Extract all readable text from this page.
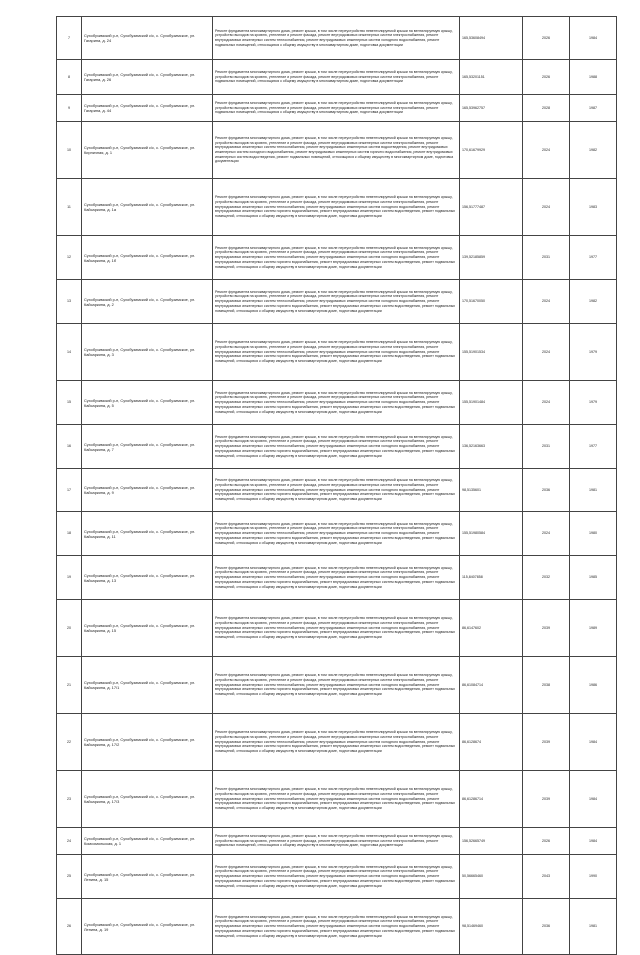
7	Сухобузимский р-н, Сухобузимский с/с, с. Сухобузимское, ул. Гагарина, д. 24	Ремонт фундамента многоквартирного дома, ремонт крыши, в том числе переустройство невентилируемой крыши на вентилируемую крышу, устройство выходов на кровлю, утепление и ремонт фасада, ремонт внутридомовых инженерных систем электроснабжения, ремонт внутридомовых инженерных систем теплоснабжения, ремонт внутридомовых инженерных систем холодного водоснабжения, ремонт подвальных помещений, относящихся к общему имуществу в многоквартирном доме, подготовка документации	165,53608494	2026	1984
8	Сухобузимский р-н, Сухобузимский с/с, с. Сухобузимское, ул. Гагарина, д. 26	Ремонт фундамента многоквартирного дома, ремонт крыши, в том числе переустройство невентилируемой крыши на вентилируемую крышу, устройство выходов на кровлю, утепление и ремонт фасада, ремонт внутридомовых инженерных систем электроснабжения, ремонт подвальных помещений, относящихся к общему имуществу в многоквартирном доме, подготовка документации	165,53201151	2026	1988
9	Сухобузимский р-н, Сухобузимский с/с, с. Сухобузимское, ул. Гагарина, д. 44	Ремонт фундамента многоквартирного дома, ремонт крыши, в том числе переустройство невентилируемой крыши на вентилируемую крышу, устройство выходов на кровлю, утепление и ремонт фасада, ремонт внутридомовых инженерных систем электроснабжения, ремонт подвальных помещений, относящихся к общему имуществу в многоквартирном доме, подготовка документации	165,53962757	2028	1987
10	Сухобузимский р-н, Сухобузимский с/с, с. Сухобузимское, ул. Кирпичная, д. 1	Ремонт фундамента многоквартирного дома, ремонт крыши, в том числе переустройство невентилируемой крыши на вентилируемую крышу, устройство выходов на кровлю, утепление и ремонт фасада, ремонт внутридомовых инженерных систем электроснабжения, ремонт внутридомовых инженерных систем теплоснабжения, ремонт внутридомовых инженерных систем водоотведения, ремонт внутридомовых инженерных систем холодного водоснабжения, ремонт внутридомовых инженерных систем горячего водоснабжения, ремонт внутридомовых инженерных систем водоотведения, ремонт подвальных помещений, относящихся к общему имуществу в многоквартирном доме, подготовка документации	170,61679929	2024	1982
11	Сухобузимский р-н, Сухобузимский с/с, с. Сухобузимское, ул. Кайсаркина, д. 1а	Ремонт фундамента многоквартирного дома, ремонт крыши, в том числе переустройство невентилируемой крыши на вентилируемую крышу, устройство выходов на кровлю, утепление и ремонт фасада, ремонт внутридомовых инженерных систем электроснабжения, ремонт внутридомовых инженерных систем теплоснабжения, ремонт внутридомовых инженерных систем холодного водоснабжения, ремонт внутридомовых инженерных систем горячего водоснабжения, ремонт внутридомовых инженерных систем водоотведения, ремонт подвальных помещений, относящихся к общему имуществу в многоквартирном доме, подготовка документации	156,51777487	2024	1983
12	Сухобузимский р-н, Сухобузимский с/с, с. Сухобузимское, ул. Кайсаркина, д. 1б	Ремонт фундамента многоквартирного дома, ремонт крыши, в том числе переустройство невентилируемой крыши на вентилируемую крышу, устройство выходов на кровлю, утепление и ремонт фасада, ремонт внутридомовых инженерных систем электроснабжения, ремонт внутридомовых инженерных систем теплоснабжения, ремонт внутридомовых инженерных систем холодного водоснабжения, ремонт внутридомовых инженерных систем горячего водоснабжения, ремонт внутридомовых инженерных систем водоотведения, ремонт подвальных помещений, относящихся к общему имуществу в многоквартирном доме, подготовка документации	139,52185859	2031	1977
13	Сухобузимский р-н, Сухобузимский с/с, с. Сухобузимское, ул. Кайсаркина, д. 2	Ремонт фундамента многоквартирного дома, ремонт крыши, в том числе переустройство невентилируемой крыши на вентилируемую крышу, устройство выходов на кровлю, утепление и ремонт фасада, ремонт внутридомовых инженерных систем электроснабжения, ремонт внутридомовых инженерных систем теплоснабжения, ремонт внутридомовых инженерных систем холодного водоснабжения, ремонт внутридомовых инженерных систем горячего водоснабжения, ремонт внутридомовых инженерных систем водоотведения, ремонт подвальных помещений, относящихся к общему имуществу в многоквартирном доме, подготовка документации	170,51670050	2024	1982
14	Сухобузимский р-н, Сухобузимский с/с, с. Сухобузимское, ул. Кайсаркина, д. 3	Ремонт фундамента многоквартирного дома, ремонт крыши, в том числе переустройство невентилируемой крыши на вентилируемую крышу, устройство выходов на кровлю, утепление и ремонт фасада, ремонт внутридомовых инженерных систем электроснабжения, ремонт внутридомовых инженерных систем теплоснабжения, ремонт внутридомовых инженерных систем холодного водоснабжения, ремонт внутридомовых инженерных систем горячего водоснабжения, ремонт внутридомовых инженерных систем водоотведения, ремонт подвальных помещений, относящихся к общему имуществу в многоквартирном доме, подготовка документации	155,51901534	2024	1979
15	Сухобузимский р-н, Сухобузимский с/с, с. Сухобузимское, ул. Кайсаркина, д. 5	Ремонт фундамента многоквартирного дома, ремонт крыши, в том числе переустройство невентилируемой крыши на вентилируемую крышу, устройство выходов на кровлю, утепление и ремонт фасада, ремонт внутридомовых инженерных систем электроснабжения, ремонт внутридомовых инженерных систем теплоснабжения, ремонт внутридомовых инженерных систем холодного водоснабжения, ремонт внутридомовых инженерных систем горячего водоснабжения, ремонт внутридомовых инженерных систем водоотведения, ремонт подвальных помещений, относящихся к общему имуществу в многоквартирном доме, подготовка документации	155,51901484	2024	1979
16	Сухобузимский р-н, Сухобузимский с/с, с. Сухобузимское, ул. Кайсаркина, д. 7	Ремонт фундамента многоквартирного дома, ремонт крыши, в том числе переустройство невентилируемой крыши на вентилируемую крышу, устройство выходов на кровлю, утепление и ремонт фасада, ремонт внутридомовых инженерных систем электроснабжения, ремонт внутридомовых инженерных систем теплоснабжения, ремонт внутридомовых инженерных систем холодного водоснабжения, ремонт внутридомовых инженерных систем горячего водоснабжения, ремонт внутридомовых инженерных систем водоотведения, ремонт подвальных помещений, относящихся к общему имуществу в многоквартирном доме, подготовка документации	136,52163663	2031	1977
17	Сухобузимский р-н, Сухобузимский с/с, с. Сухобузимское, ул. Кайсаркина, д. 9	Ремонт фундамента многоквартирного дома, ремонт крыши, в том числе переустройство невентилируемой крыши на вентилируемую крышу, устройство выходов на кровлю, утепление и ремонт фасада, ремонт внутридомовых инженерных систем электроснабжения, ремонт внутридомовых инженерных систем теплоснабжения, ремонт внутридомовых инженерных систем холодного водоснабжения, ремонт внутридомовых инженерных систем горячего водоснабжения, ремонт внутридомовых инженерных систем водоотведения, ремонт подвальных помещений, относящихся к общему имуществу в многоквартирном доме, подготовка документации	98,5135601	2036	1981
18	Сухобузимский р-н, Сухобузимский с/с, с. Сухобузимское, ул. Кайсаркина, д. 11	Ремонт фундамента многоквартирного дома, ремонт крыши, в том числе переустройство невентилируемой крыши на вентилируемую крышу, устройство выходов на кровлю, утепление и ремонт фасада, ремонт внутридомовых инженерных систем электроснабжения, ремонт внутридомовых инженерных систем теплоснабжения, ремонт внутридомовых инженерных систем холодного водоснабжения, ремонт внутридомовых инженерных систем горячего водоснабжения, ремонт внутридомовых инженерных систем водоотведения, ремонт подвальных помещений, относящихся к общему имуществу в многоквартирном доме, подготовка документации	155,51980584	2024	1980
19	Сухобузимский р-н, Сухобузимский с/с, с. Сухобузимское, ул. Кайсаркина, д. 13	Ремонт фундамента многоквартирного дома, ремонт крыши, в том числе переустройство невентилируемой крыши на вентилируемую крышу, устройство выходов на кровлю, утепление и ремонт фасада, ремонт внутридомовых инженерных систем электроснабжения, ремонт внутридомовых инженерных систем теплоснабжения, ремонт внутридомовых инженерных систем холодного водоснабжения, ремонт внутридомовых инженерных систем горячего водоснабжения, ремонт внутридомовых инженерных систем водоотведения, ремонт подвальных помещений, относящихся к общему имуществу в многоквартирном доме, подготовка документации	115,8407858	2032	1985
20	Сухобузимский р-н, Сухобузимский с/с, с. Сухобузимское, ул. Кайсаркина, д. 15	Ремонт фундамента многоквартирного дома, ремонт крыши, в том числе переустройство невентилируемой крыши на вентилируемую крышу, устройство выходов на кровлю, утепление и ремонт фасада, ремонт внутридомовых инженерных систем электроснабжения, ремонт внутридомовых инженерных систем теплоснабжения, ремонт внутридомовых инженерных систем холодного водоснабжения, ремонт внутридомовых инженерных систем горячего водоснабжения, ремонт внутридомовых инженерных систем водоотведения, ремонт подвальных помещений, относящихся к общему имуществу в многоквартирном доме, подготовка документации	86,6147602	2039	1989
21	Сухобузимский р-н, Сухобузимский с/с, с. Сухобузимское, ул. Кайсаркина, д. 17/1	Ремонт фундамента многоквартирного дома, ремонт крыши, в том числе переустройство невентилируемой крыши на вентилируемую крышу, устройство выходов на кровлю, утепление и ремонт фасада, ремонт внутридомовых инженерных систем электроснабжения, ремонт внутридомовых инженерных систем теплоснабжения, ремонт внутридомовых инженерных систем холодного водоснабжения, ремонт внутридомовых инженерных систем горячего водоснабжения, ремонт внутридомовых инженерных систем водоотведения, ремонт подвальных помещений, относящихся к общему имуществу в многоквартирном доме, подготовка документации	86,61084714	2038	1986
22	Сухобузимский р-н, Сухобузимский с/с, с. Сухобузимское, ул. Кайсаркина, д. 17/2	Ремонт фундамента многоквартирного дома, ремонт крыши, в том числе переустройство невентилируемой крыши на вентилируемую крышу, устройство выходов на кровлю, утепление и ремонт фасада, ремонт внутридомовых инженерных систем электроснабжения, ремонт внутридомовых инженерных систем теплоснабжения, ремонт внутридомовых инженерных систем холодного водоснабжения, ремонт внутридомовых инженерных систем горячего водоснабжения, ремонт внутридомовых инженерных систем водоотведения, ремонт подвальных помещений, относящихся к общему имуществу в многоквартирном доме, подготовка документации	86,6128674	2039	1984
23	Сухобузимский р-н, Сухобузимский с/с, с. Сухобузимское, ул. Кайсаркина, д. 17/3	Ремонт фундамента многоквартирного дома, ремонт крыши, в том числе переустройство невентилируемой крыши на вентилируемую крышу, устройство выходов на кровлю, утепление и ремонт фасада, ремонт внутридомовых инженерных систем электроснабжения, ремонт внутридомовых инженерных систем теплоснабжения, ремонт внутридомовых инженерных систем холодного водоснабжения, ремонт внутридомовых инженерных систем горячего водоснабжения, ремонт внутридомовых инженерных систем водоотведения, ремонт подвальных помещений, относящихся к общему имуществу в многоквартирном доме, подготовка документации	86,61286714	2039	1984
24	Сухобузимский р-н, Сухобузимский с/с, с. Сухобузимское, ул. Комсомольская, д. 1	Ремонт фундамента многоквартирного дома, ремонт крыши, в том числе переустройство невентилируемой крыши на вентилируемую крышу, устройство выходов на кровлю, утепление и ремонт фасада, ремонт внутридомовых инженерных систем электроснабжения, ремонт подвальных помещений, относящихся к общему имуществу в многоквартирном доме, подготовка документации	156,52665749	2026	1984
25	Сухобузимский р-н, Сухобузимский с/с, с. Сухобузимское, ул. Ленина, д. 15	Ремонт фундамента многоквартирного дома, ремонт крыши, в том числе переустройство невентилируемой крыши на вентилируемую крышу, устройство выходов на кровлю, утепление и ремонт фасада, ремонт внутридомовых инженерных систем электроснабжения, ремонт внутридомовых инженерных систем теплоснабжения, ремонт внутридомовых инженерных систем холодного водоснабжения, ремонт внутридомовых инженерных систем горячего водоснабжения, ремонт внутридомовых инженерных систем водоотведения, ремонт подвальных помещений, относящихся к общему имуществу в многоквартирном доме, подготовка документации	50,56665460	2043	1990
26	Сухобузимский р-н, Сухобузимский с/с, с. Сухобузимское, ул. Ленина, д. 19	Ремонт фундамента многоквартирного дома, ремонт крыши, в том числе переустройство невентилируемой крыши на вентилируемую крышу, устройство выходов на кровлю, утепление и ремонт фасада, ремонт внутридомовых инженерных систем электроснабжения, ремонт внутридомовых инженерных систем теплоснабжения, ремонт внутридомовых инженерных систем холодного водоснабжения, ремонт внутридомовых инженерных систем горячего водоснабжения, ремонт внутридомовых инженерных систем водоотведения, ремонт подвальных помещений, относящихся к общему имуществу в многоквартирном доме, подготовка документации	98,51469460	2036	1981
